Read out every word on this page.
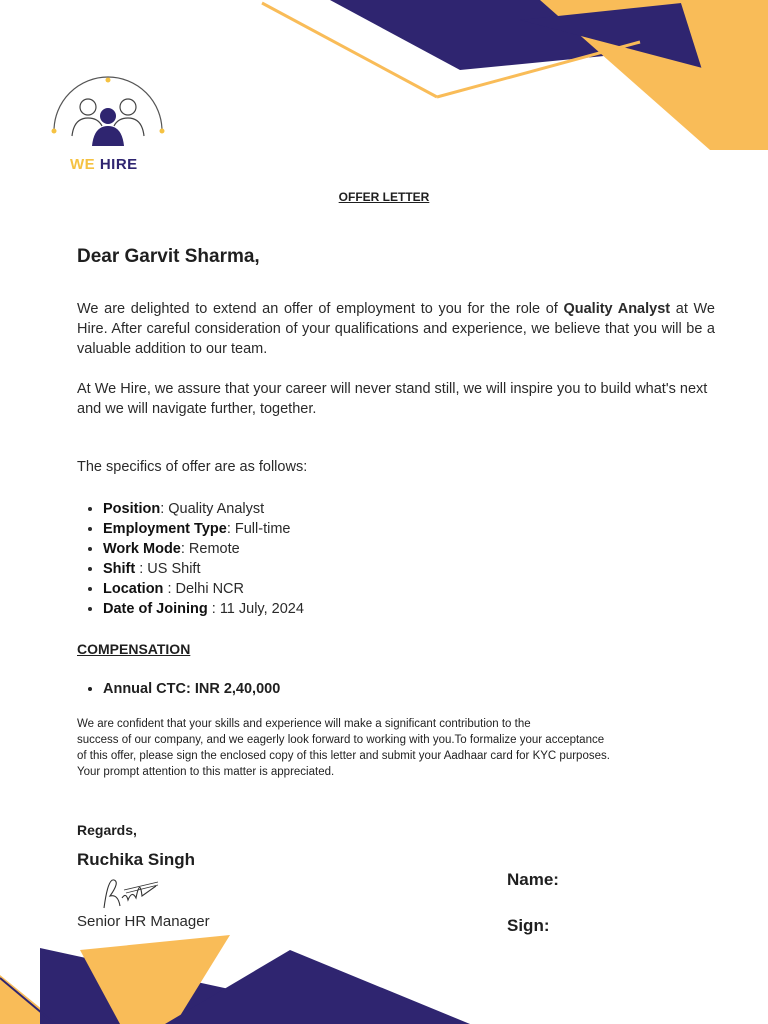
WE HIRE
OFFER LETTER
Dear Garvit Sharma,
We are delighted to extend an offer of employment to you for the role of Quality Analyst at We Hire. After careful consideration of your qualifications and experience, we believe that you will be a valuable addition to our team.
At We Hire, we assure that your career will never stand still, we will inspire you to build what's next and we will navigate further, together.
The specifics of offer are as follows:
• Position: Quality Analyst
• Employment Type: Full-time
• Work Mode: Remote
• Shift : US Shift
• Location : Delhi NCR
• Date of Joining : 11 July, 2024
COMPENSATION
• Annual CTC: INR 2,40,000
We are confident that your skills and experience will make a significant contribution to the
success of our company, and we eagerly look forward to working with you.To formalize your acceptance
of this offer, please sign the enclosed copy of this letter and submit your Aadhaar card for KYC purposes.
Your prompt attention to this matter is appreciated.
Regards,
Ruchika Singh
Senior HR Manager
Name:
Sign:
